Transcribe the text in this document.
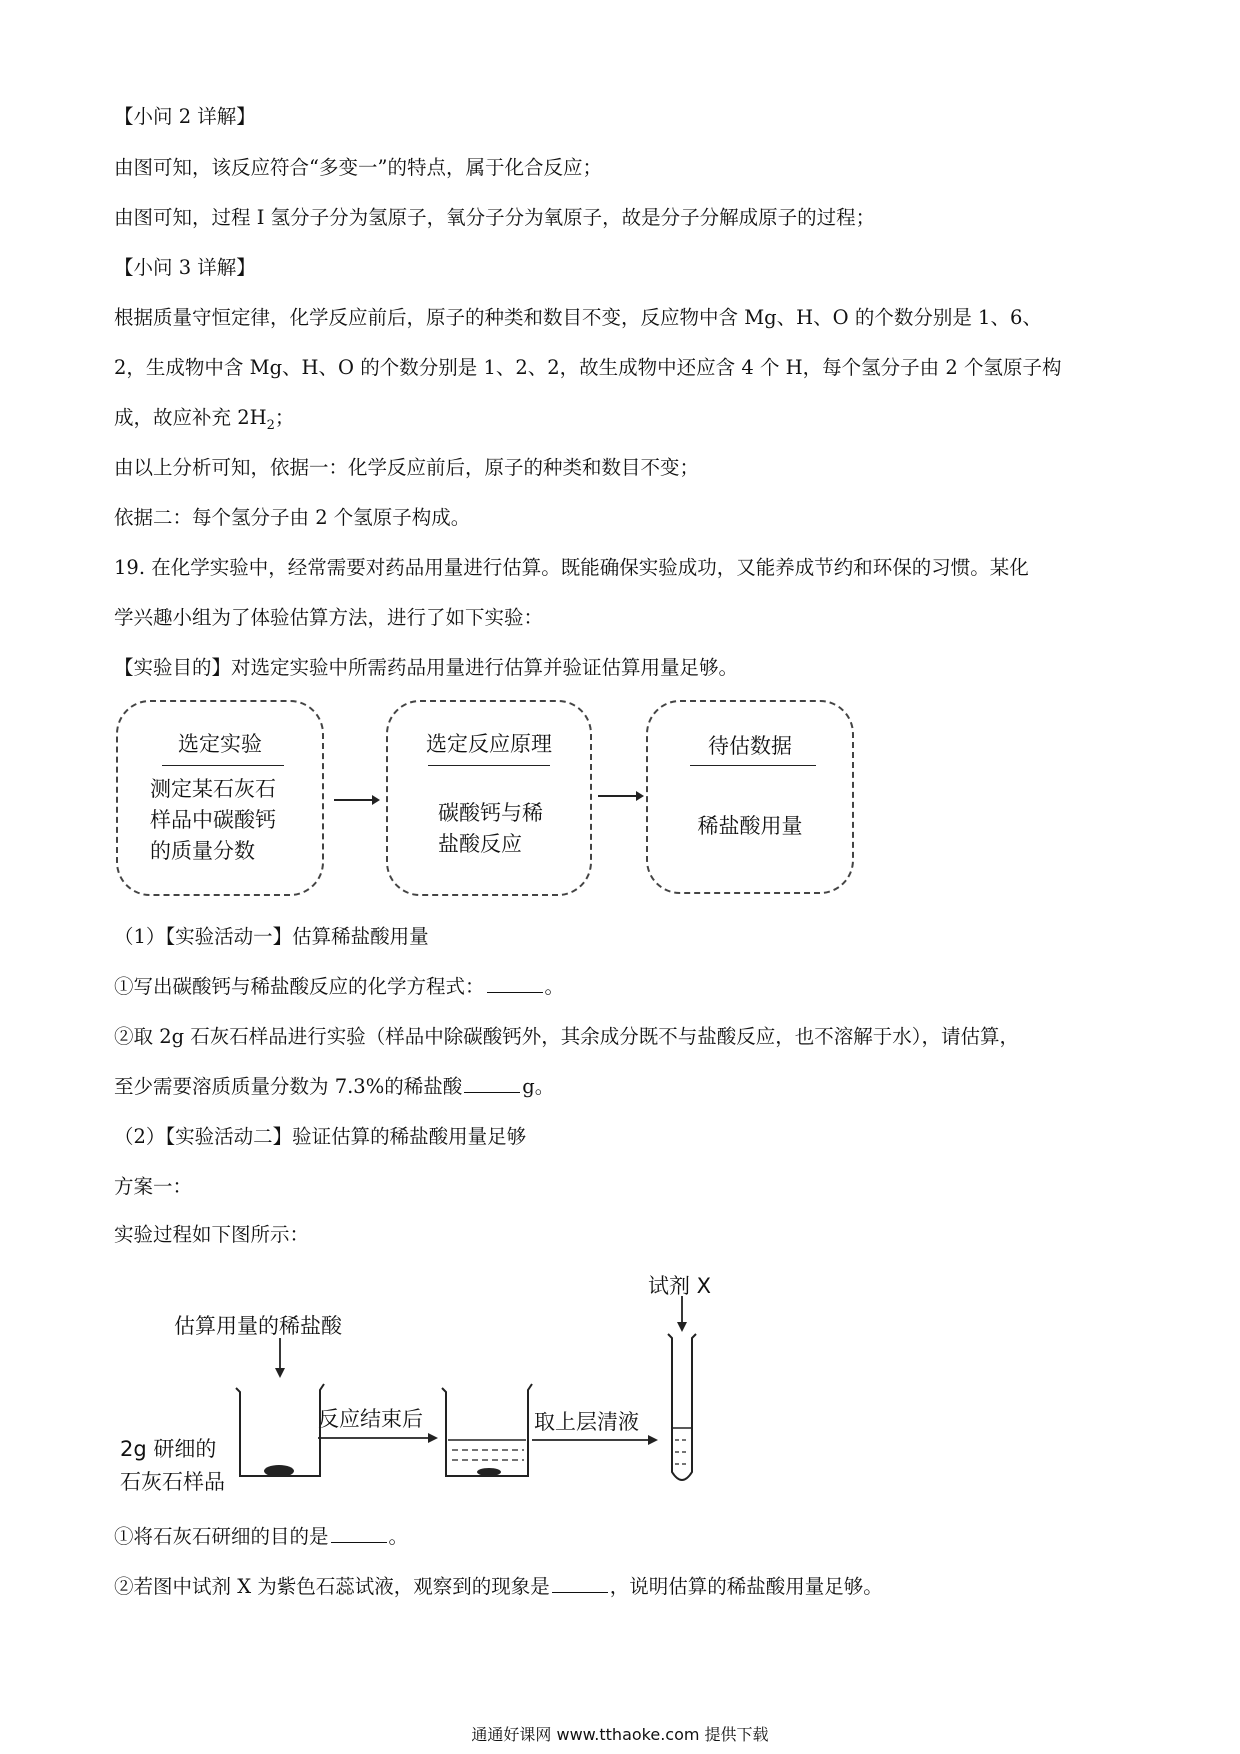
【小问 2 详解】
由图可知，该反应符合“多变一”的特点，属于化合反应；
由图可知，过程 I 氢分子分为氢原子，氧分子分为氧原子，故是分子分解成原子的过程；
【小问 3 详解】
根据质量守恒定律，化学反应前后，原子的种类和数目不变，反应物中含 Mg、H、O 的个数分别是 1、6、
2，生成物中含 Mg、H、O 的个数分别是 1、2、2，故生成物中还应含 4 个 H，每个氢分子由 2 个氢原子构
成，故应补充 $2H_2$；
由以上分析可知，依据一：化学反应前后，原子的种类和数目不变；
依据二：每个氢分子由 2 个氢原子构成。
19. 在化学实验中，经常需要对药品用量进行估算。既能确保实验成功，又能养成节约和环保的习惯。某化
学兴趣小组为了体验估算方法，进行了如下实验：
【实验目的】对选定实验中所需药品用量进行估算并验证估算用量足够。
选定实验
测定某石灰石
样品中碳酸钙
的质量分数
选定反应原理
碳酸钙与稀
盐酸反应
待估数据
稀盐酸用量
（1）【实验活动一】估算稀盐酸用量
①写出碳酸钙与稀盐酸反应的化学方程式：	。
②取 2g 石灰石样品进行实验（样品中除碳酸钙外，其余成分既不与盐酸反应，也不溶解于水），请估算，
至少需要溶质质量分数为 7.3%的稀盐酸	g。
（2）【实验活动二】验证估算的稀盐酸用量足够
方案一：
实验过程如下图所示：
试剂 X
估算用量的稀盐酸
反应结束后	取上层清液
2g 研细的
石灰石样品
①将石灰石研细的目的是	。
②若图中试剂 X 为紫色石蕊试液，观察到的现象是	，说明估算的稀盐酸用量足够。
通通好课网 www.tthaoke.com 提供下载
